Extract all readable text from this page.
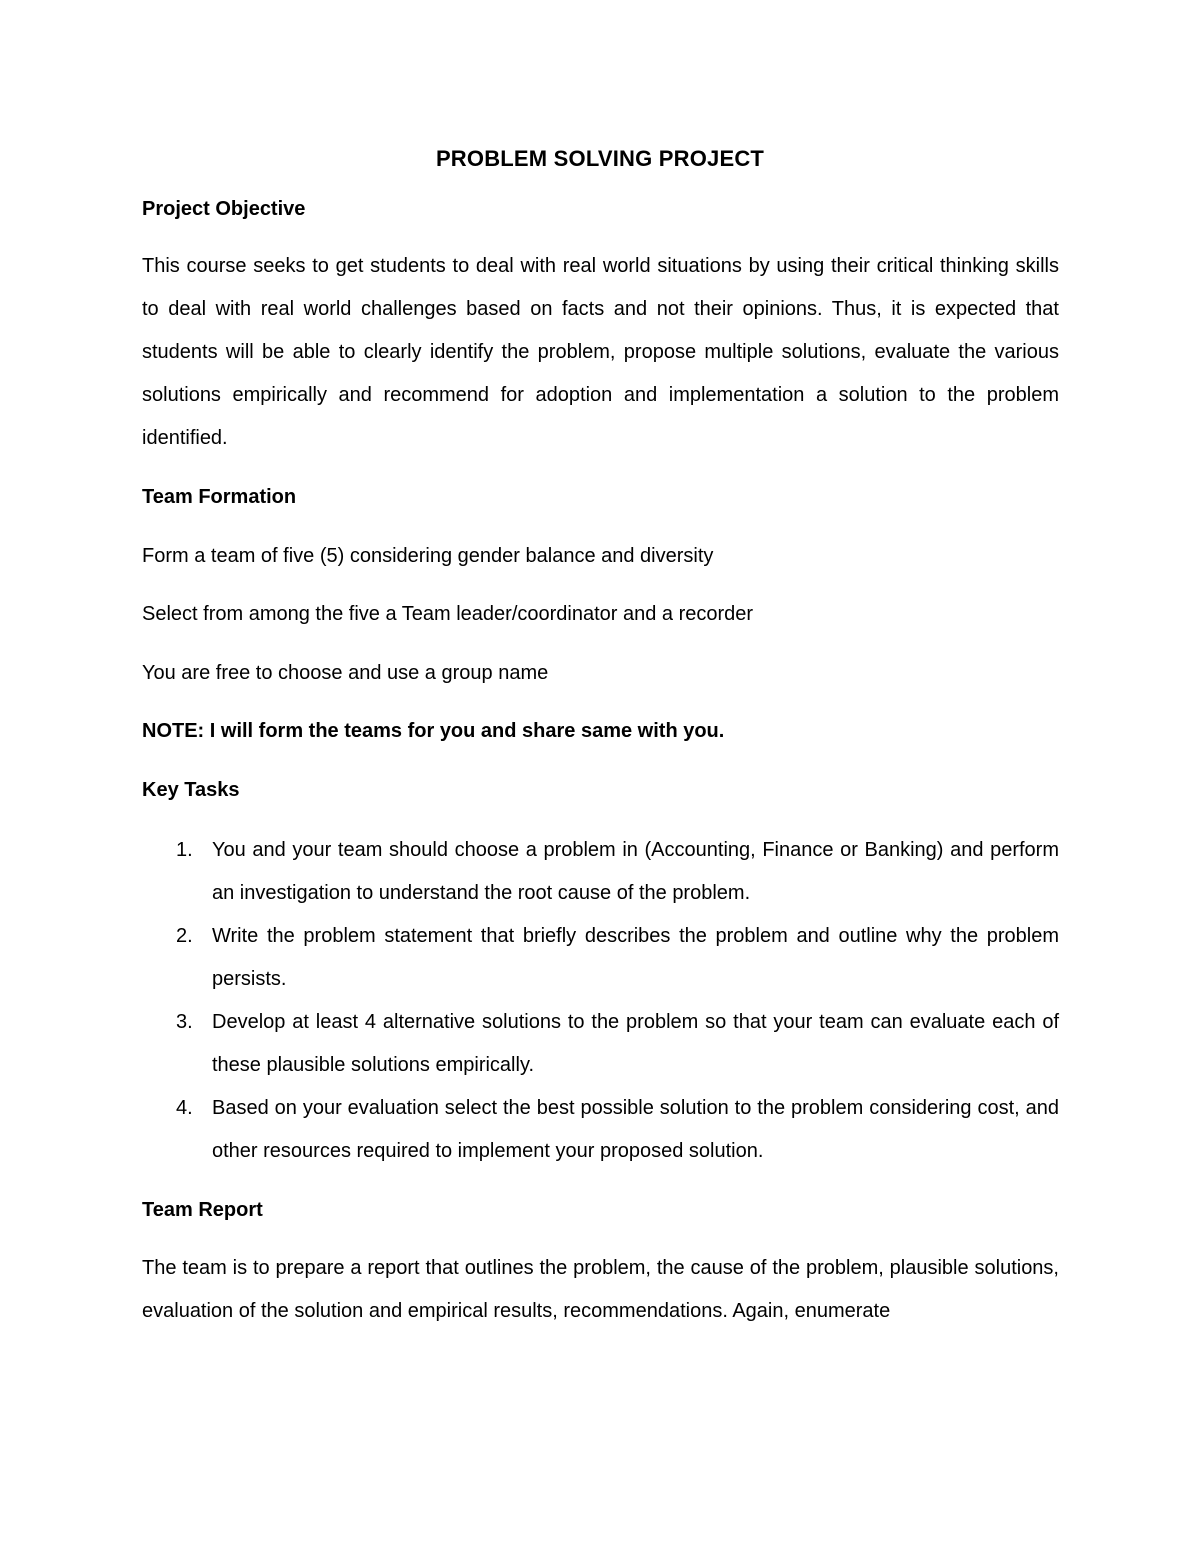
PROBLEM SOLVING PROJECT
Project Objective
This course seeks to get students to deal with real world situations by using their critical thinking skills to deal with real world challenges based on facts and not their opinions. Thus, it is expected that students will be able to clearly identify the problem, propose multiple solutions, evaluate the various solutions empirically and recommend for adoption and implementation a solution to the problem identified.
Team Formation
Form a team of five (5) considering gender balance and diversity
Select from among the five a Team leader/coordinator and a recorder
You are free to choose and use a group name
NOTE: I will form the teams for you and share same with you.
Key Tasks
1. You and your team should choose a problem in (Accounting, Finance or Banking) and perform an investigation to understand the root cause of the problem.
2. Write the problem statement that briefly describes the problem and outline why the problem persists.
3. Develop at least 4 alternative solutions to the problem so that your team can evaluate each of these plausible solutions empirically.
4. Based on your evaluation select the best possible solution to the problem considering cost, and other resources required to implement your proposed solution.
Team Report
The team is to prepare a report that outlines the problem, the cause of the problem, plausible solutions, evaluation of the solution and empirical results, recommendations. Again, enumerate
